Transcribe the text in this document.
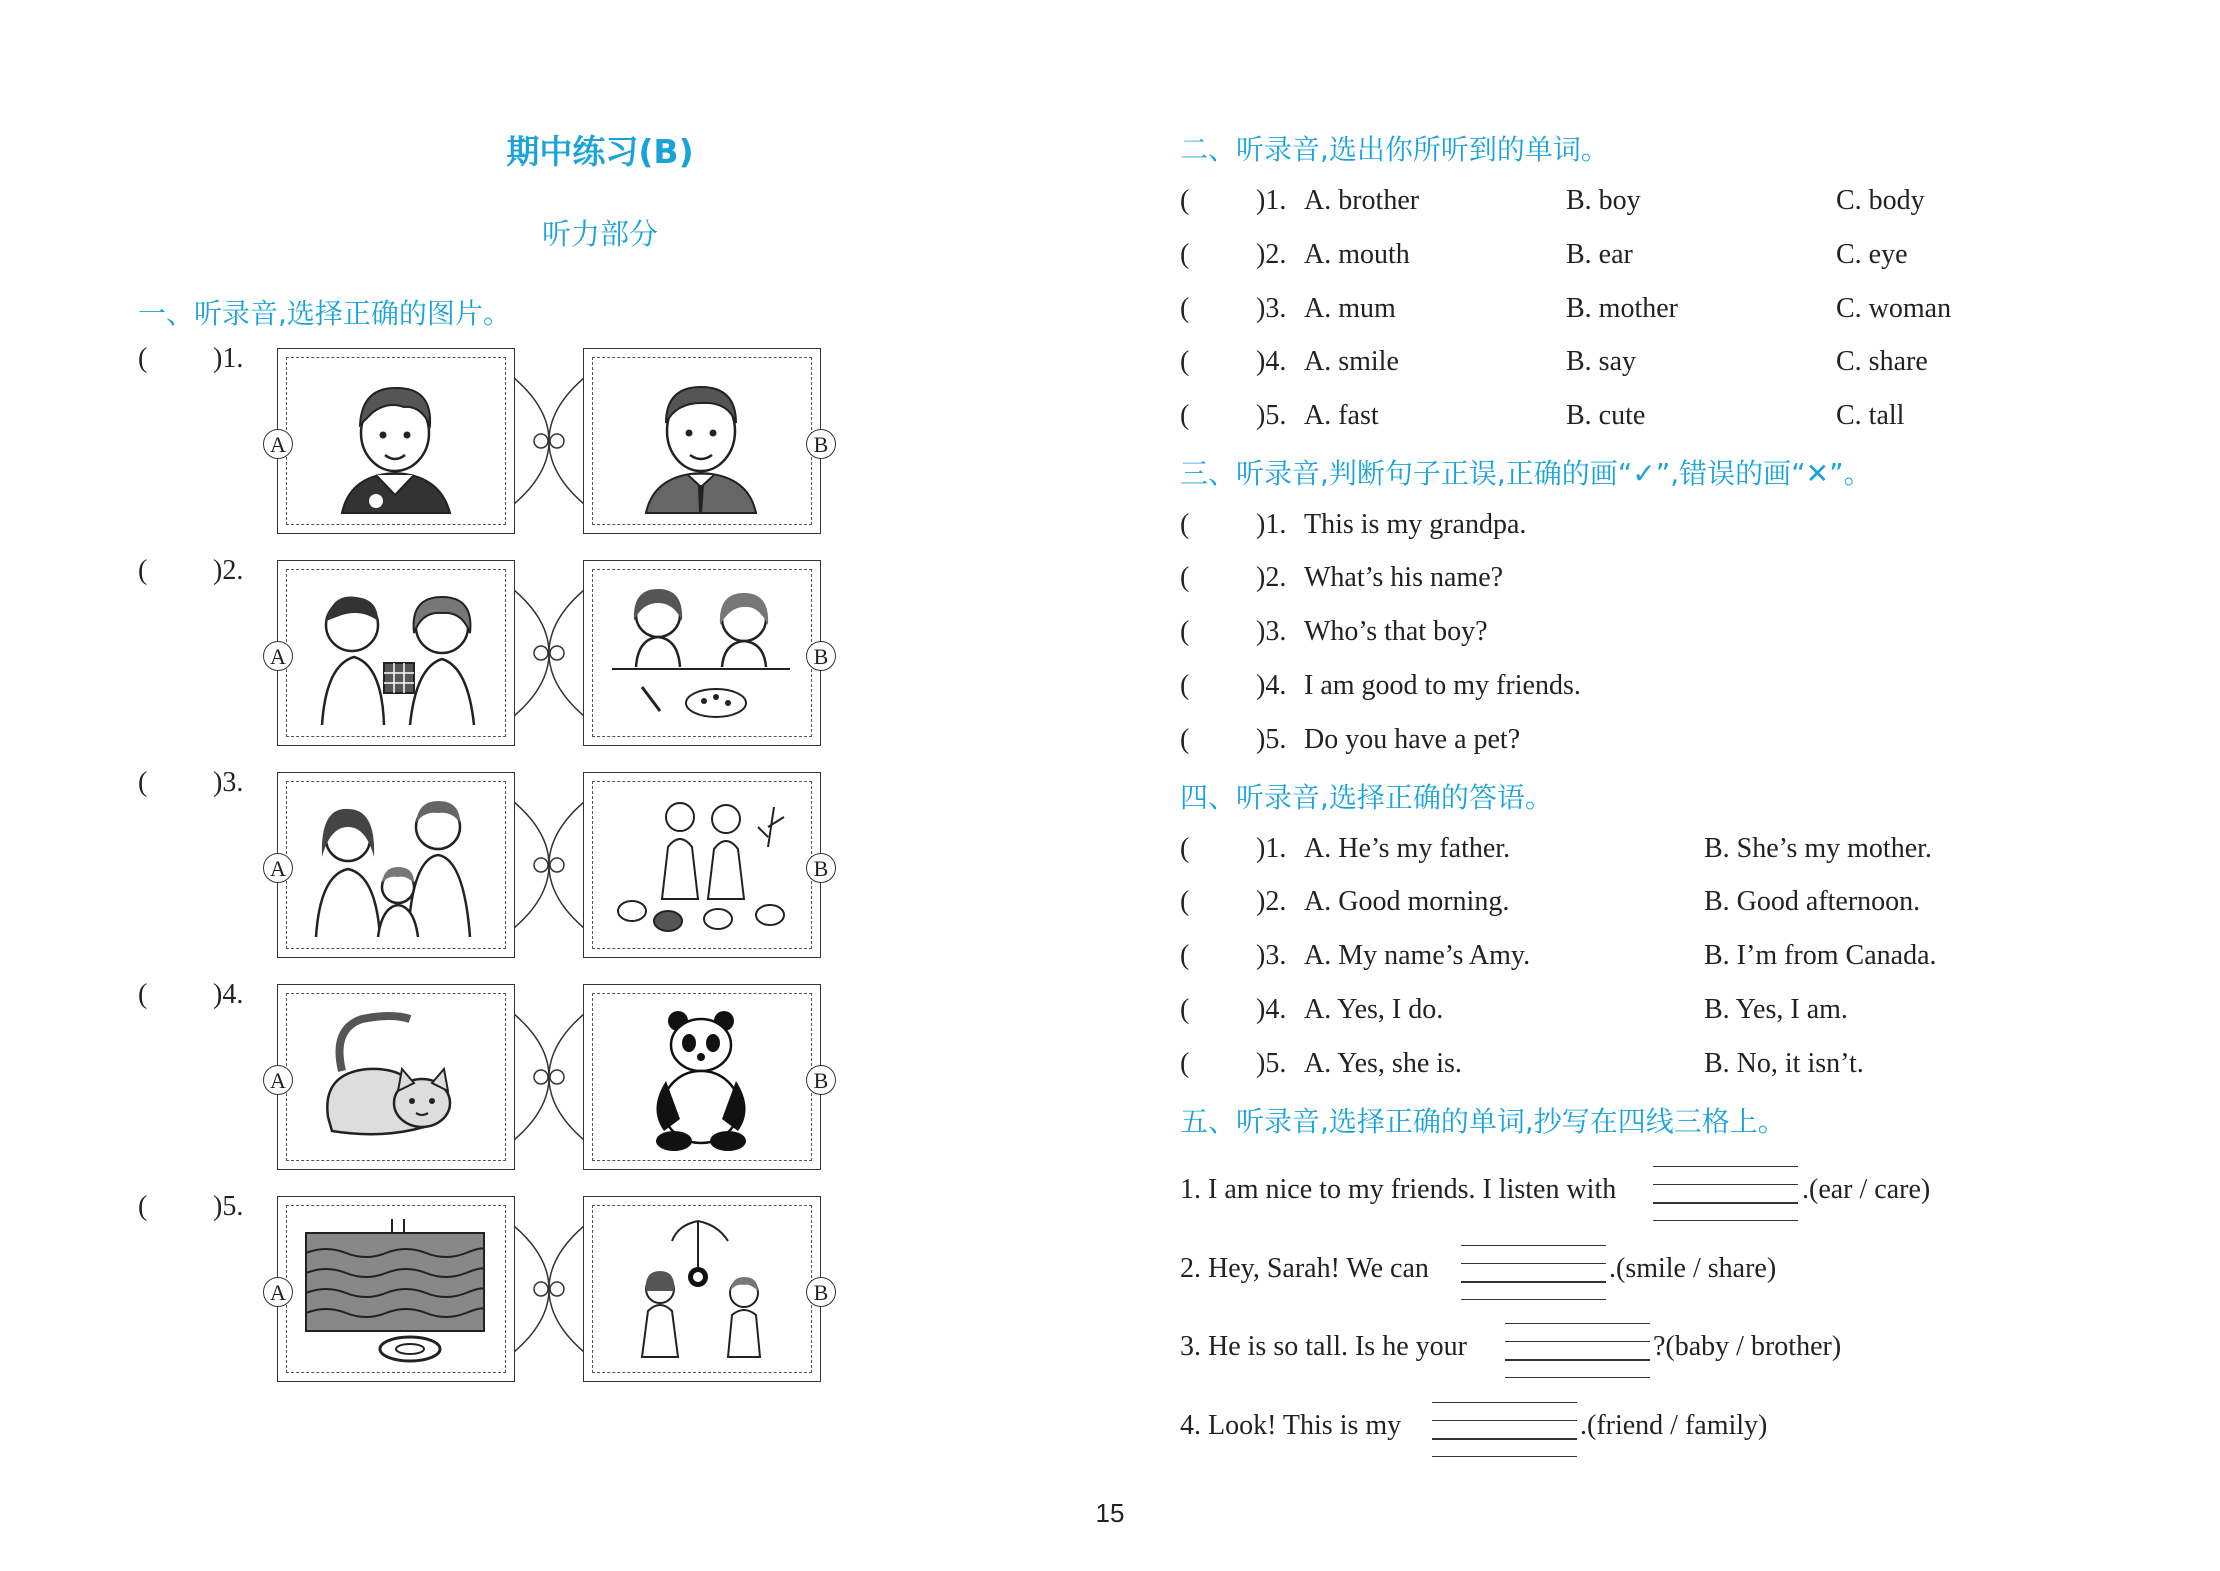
期中练习(B)
听力部分
一、听录音,选择正确的图片。
( )1.
A	B
( )2.
A	B
( )3.
A	B
( )4.
A	B
( )5.
A	B
二、听录音,选出你所听到的单词。
( )1. A. brother	B. boy	C. body
( )2. A. mouth	B. ear	C. eye
( )3. A. mum	B. mother	C. woman
( )4. A. smile	B. say	C. share
( )5. A. fast	B. cute	C. tall
三、听录音,判断句子正误,正确的画“✓”,错误的画“✕”。
( )1. This is my grandpa.
( )2. What’s his name?
( )3. Who’s that boy?
( )4. I am good to my friends.
( )5. Do you have a pet?
四、听录音,选择正确的答语。
( )1. A. He’s my father.	B. She’s my mother.
( )2. A. Good morning.	B. Good afternoon.
( )3. A. My name’s Amy.	B. I’m from Canada.
( )4. A. Yes, I do.	B. Yes, I am.
( )5. A. Yes, she is.	B. No, it isn’t.
五、听录音,选择正确的单词,抄写在四线三格上。
1. I am nice to my friends. I listen with	.(ear / care)
2. Hey, Sarah! We can	.(smile / share)
3. He is so tall. Is he your	?(baby / brother)
4. Look! This is my	.(friend / family)
15
